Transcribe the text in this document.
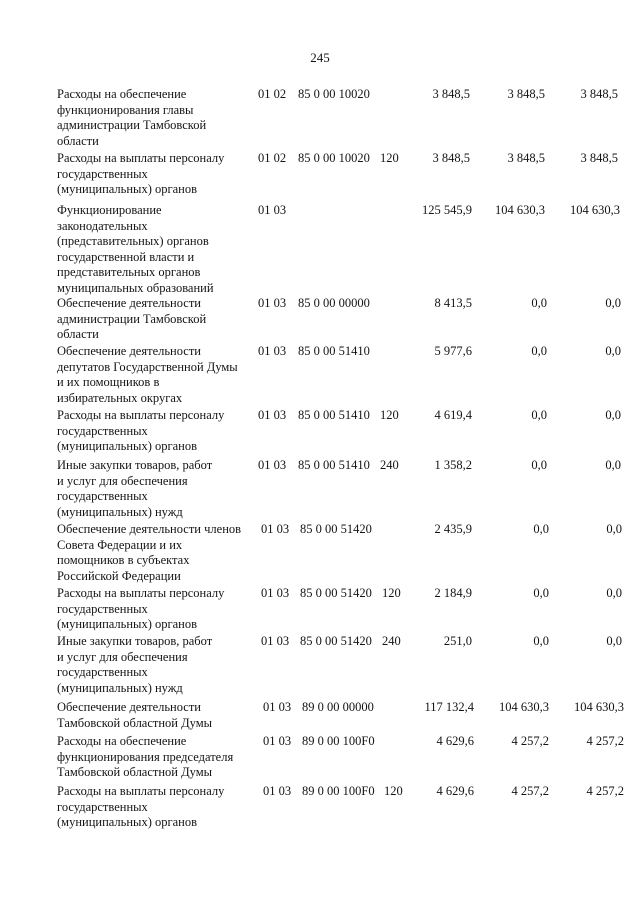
245
Расходы на обеспечение
функционирования главы
администрации Тамбовской
области
01 02 85 0 00 10020	3 848,5	3 848,5	3 848,5
Расходы на выплаты персоналу
государственных
(муниципальных) органов
01 02 85 0 00 10020 120	3 848,5	3 848,5	3 848,5
Функционирование
законодательных
(представительных) органов
государственной власти и
представительных органов
муниципальных образований
01 03	125 545,9	104 630,3	104 630,3
Обеспечение деятельности
администрации Тамбовской
области
01 03 85 0 00 00000	8 413,5	0,0	0,0
Обеспечение деятельности
депутатов Государственной Думы
и их помощников в
избирательных округах
01 03 85 0 00 51410	5 977,6	0,0	0,0
Расходы на выплаты персоналу
государственных
(муниципальных) органов
01 03 85 0 00 51410 120	4 619,4	0,0	0,0
Иные закупки товаров, работ
и услуг для обеспечения
государственных
(муниципальных) нужд
01 03 85 0 00 51410 240	1 358,2	0,0	0,0
Обеспечение деятельности членов
Совета Федерации и их
помощников в субъектах
Российской Федерации
01 03 85 0 00 51420	2 435,9	0,0	0,0
Расходы на выплаты персоналу
государственных
(муниципальных) органов
01 03 85 0 00 51420 120	2 184,9	0,0	0,0
Иные закупки товаров, работ
и услуг для обеспечения
государственных
(муниципальных) нужд
01 03 85 0 00 51420 240	251,0	0,0	0,0
Обеспечение деятельности
Тамбовской областной Думы
01 03 89 0 00 00000	117 132,4	104 630,3	104 630,3
Расходы на обеспечение
функционирования председателя
Тамбовской областной Думы
01 03 89 0 00 100F0	4 629,6	4 257,2	4 257,2
Расходы на выплаты персоналу
государственных
(муниципальных) органов
01 03 89 0 00 100F0 120	4 629,6	4 257,2	4 257,2
